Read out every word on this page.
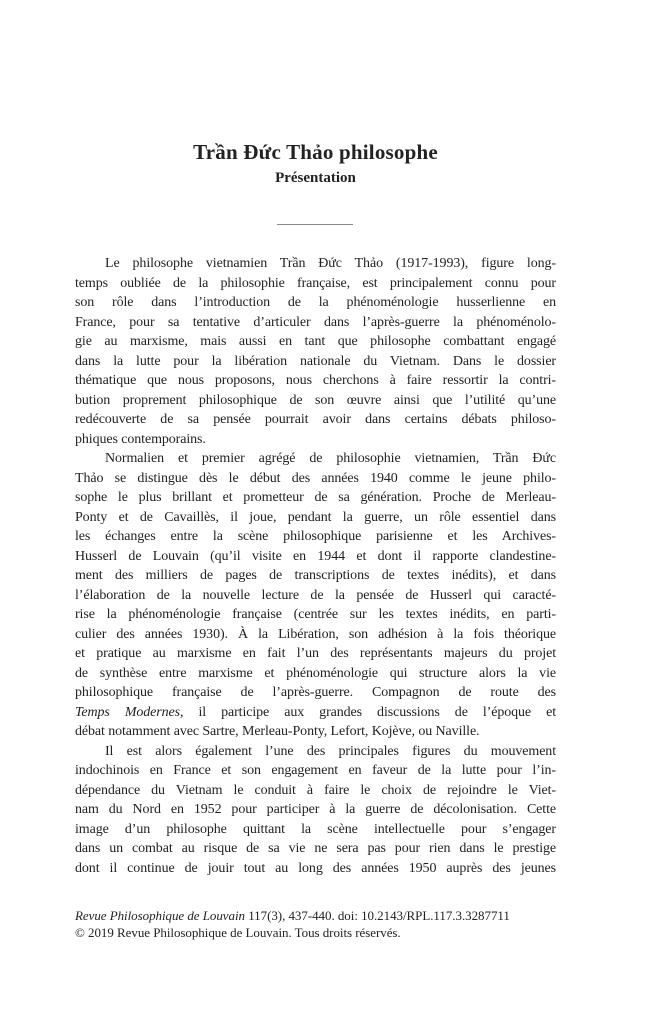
Trần Đức Thảo philosophe
Présentation
Le philosophe vietnamien Trần Đức Thảo (1917-1993), figure long-
temps oubliée de la philosophie française, est principalement connu pour
son rôle dans l’introduction de la phénoménologie husserlienne en
France, pour sa tentative d’articuler dans l’après-guerre la phénoménolo-
gie au marxisme, mais aussi en tant que philosophe combattant engagé
dans la lutte pour la libération nationale du Vietnam. Dans le dossier
thématique que nous proposons, nous cherchons à faire ressortir la contri-
bution proprement philosophique de son œuvre ainsi que l’utilité qu’une
redécouverte de sa pensée pourrait avoir dans certains débats philoso-
phiques contemporains.
Normalien et premier agrégé de philosophie vietnamien, Trần Đức
Thảo se distingue dès le début des années 1940 comme le jeune philo-
sophe le plus brillant et prometteur de sa génération. Proche de Merleau-
Ponty et de Cavaillès, il joue, pendant la guerre, un rôle essentiel dans
les échanges entre la scène philosophique parisienne et les Archives-
Husserl de Louvain (qu’il visite en 1944 et dont il rapporte clandestine-
ment des milliers de pages de transcriptions de textes inédits), et dans
l’élaboration de la nouvelle lecture de la pensée de Husserl qui caracté-
rise la phénoménologie française (centrée sur les textes inédits, en parti-
culier des années 1930). À la Libération, son adhésion à la fois théorique
et pratique au marxisme en fait l’un des représentants majeurs du projet
de synthèse entre marxisme et phénoménologie qui structure alors la vie
philosophique française de l’après-guerre. Compagnon de route des
Temps Modernes, il participe aux grandes discussions de l’époque et
débat notamment avec Sartre, Merleau-Ponty, Lefort, Kojève, ou Naville.
Il est alors également l’une des principales figures du mouvement
indochinois en France et son engagement en faveur de la lutte pour l’in-
dépendance du Vietnam le conduit à faire le choix de rejoindre le Viet-
nam du Nord en 1952 pour participer à la guerre de décolonisation. Cette
image d’un philosophe quittant la scène intellectuelle pour s’engager
dans un combat au risque de sa vie ne sera pas pour rien dans le prestige
dont il continue de jouir tout au long des années 1950 auprès des jeunes
Revue Philosophique de Louvain 117(3), 437-440. doi: 10.2143/RPL.117.3.3287711
© 2019 Revue Philosophique de Louvain. Tous droits réservés.
